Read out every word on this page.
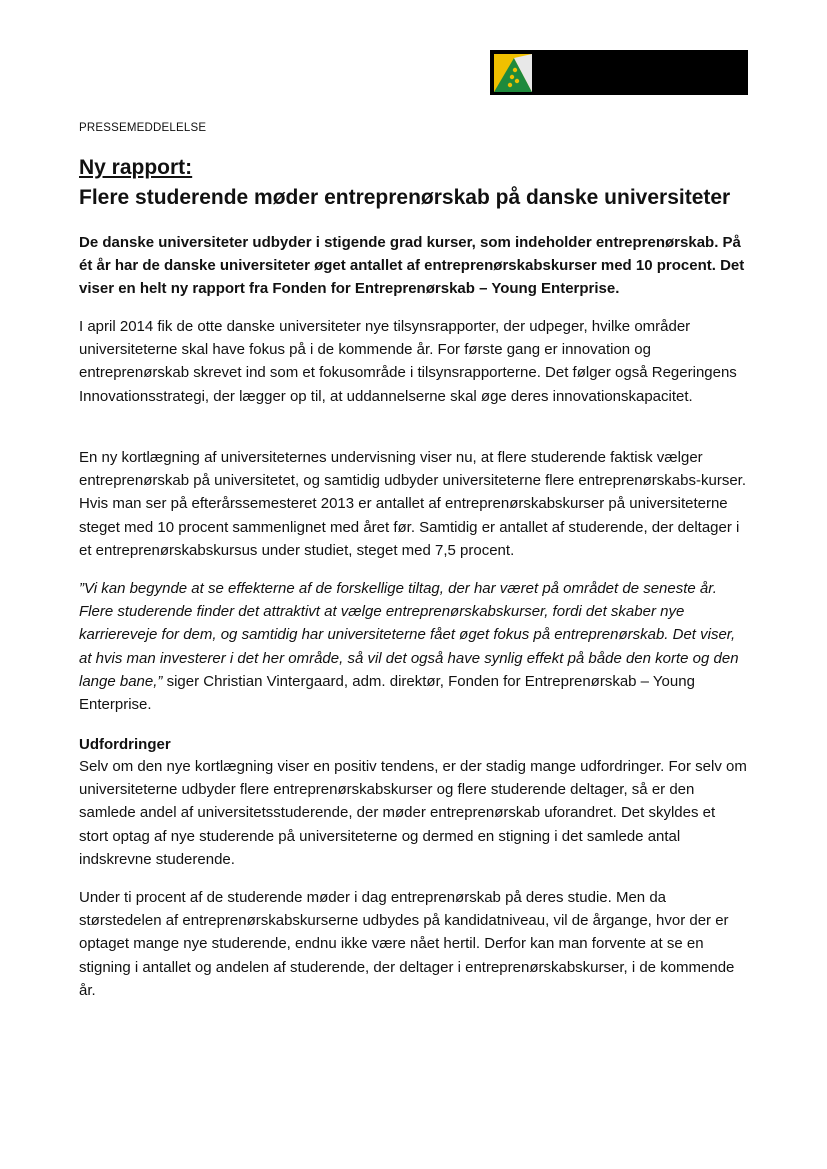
PRESSEMEDDELELSE
Ny rapport:
Flere studerende møder entreprenørskab på danske universiteter

De danske universiteter udbyder i stigende grad kurser, som indeholder entreprenørskab. På ét år har de danske universiteter øget antallet af entreprenørskabskurser med 10 procent. Det viser en helt ny rapport fra Fonden for Entreprenørskab – Young Enterprise.

I april 2014 fik de otte danske universiteter nye tilsynsrapporter, der udpeger, hvilke områder universiteterne skal have fokus på i de kommende år. For første gang er innovation og entreprenørskab skrevet ind som et fokusområde i tilsynsrapporterne. Det følger også Regeringens Innovationsstrategi, der lægger op til, at uddannelserne skal øge deres innovationskapacitet.

En ny kortlægning af universiteternes undervisning viser nu, at flere studerende faktisk vælger entreprenørskab på universitetet, og samtidig udbyder universiteterne flere entreprenørskabs-kurser. Hvis man ser på efterårssemesteret 2013 er antallet af entreprenørskabskurser på universiteterne steget med 10 procent sammenlignet med året før. Samtidig er antallet af studerende, der deltager i et entreprenørskabskursus under studiet, steget med 7,5 procent.

”Vi kan begynde at se effekterne af de forskellige tiltag, der har været på området de seneste år. Flere studerende finder det attraktivt at vælge entreprenørskabskurser, fordi det skaber nye karriereveje for dem, og samtidig har universiteterne fået øget fokus på entreprenørskab. Det viser, at hvis man investerer i det her område, så vil det også have synlig effekt på både den korte og den lange bane,” siger Christian Vintergaard, adm. direktør, Fonden for Entreprenørskab – Young Enterprise.

Udfordringer

Selv om den nye kortlægning viser en positiv tendens, er der stadig mange udfordringer. For selv om universiteterne udbyder flere entreprenørskabskurser og flere studerende deltager, så er den samlede andel af universitetsstuderende, der møder entreprenørskab uforandret. Det skyldes et stort optag af nye studerende på universiteterne og dermed en stigning i det samlede antal indskrevne studerende.

Under ti procent af de studerende møder i dag entreprenørskab på deres studie. Men da størstedelen af entreprenørskabskurserne udbydes på kandidatniveau, vil de årgange, hvor der er optaget mange nye studerende, endnu ikke være nået hertil. Derfor kan man forvente at se en stigning i antallet og andelen af studerende, der deltager i entreprenørskabskurser, i de kommende år.
